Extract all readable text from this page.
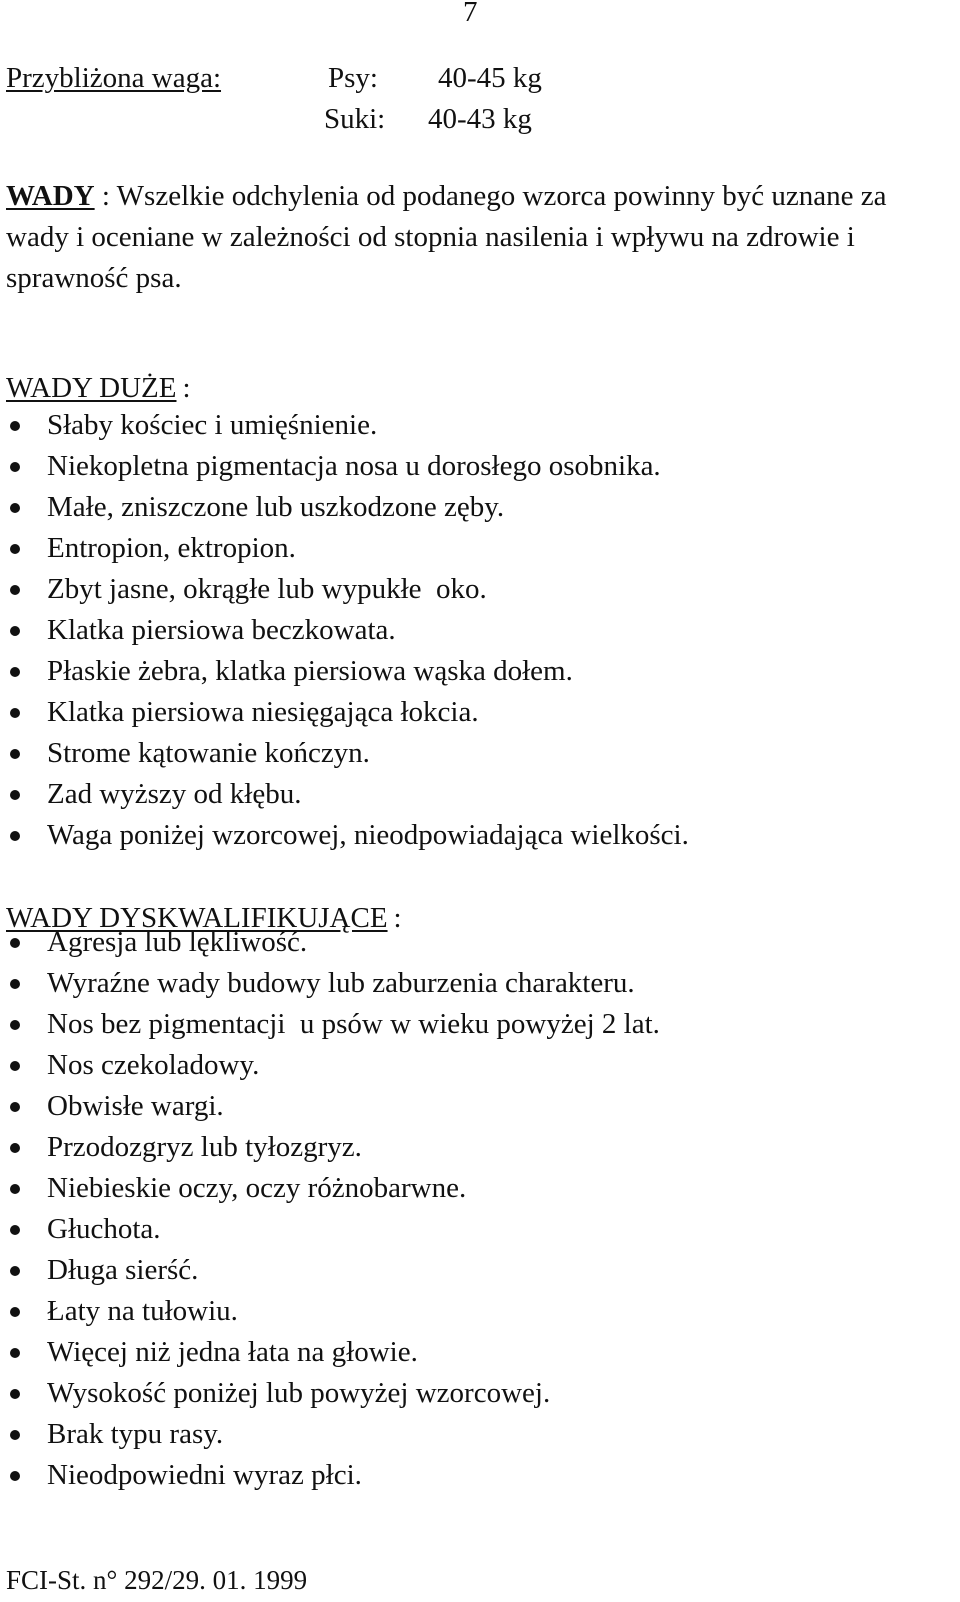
7
Przybliżona waga:	Psy: 40-45 kg
Suki: 40-43 kg
WADY : Wszelkie odchylenia od podanego wzorca powinny być uznane za wady i oceniane w zależności od stopnia nasilenia i wpływu na zdrowie i sprawność psa.
WADY DUŻE :
Słaby kościec i umięśnienie.
Niekopletna pigmentacja nosa u dorosłego osobnika.
Małe, zniszczone lub uszkodzone zęby.
Entropion, ektropion.
Zbyt jasne, okrągłe lub wypukłe  oko.
Klatka piersiowa beczkowata.
Płaskie żebra, klatka piersiowa wąska dołem.
Klatka piersiowa niesięgająca łokcia.
Strome kątowanie kończyn.
Zad wyższy od kłębu.
Waga poniżej wzorcowej, nieodpowiadająca wielkości.
WADY DYSKWALIFIKUJĄCE :
Agresja lub lękliwość.
Wyraźne wady budowy lub zaburzenia charakteru.
Nos bez pigmentacji  u psów w wieku powyżej 2 lat.
Nos czekoladowy.
Obwisłe wargi.
Przodozgryz lub tyłozgryz.
Niebieskie oczy, oczy różnobarwne.
Głuchota.
Długa sierść.
Łaty na tułowiu.
Więcej niż jedna łata na głowie.
Wysokość poniżej lub powyżej wzorcowej.
Brak typu rasy.
Nieodpowiedni wyraz płci.
FCI-St. n° 292/29. 01. 1999
